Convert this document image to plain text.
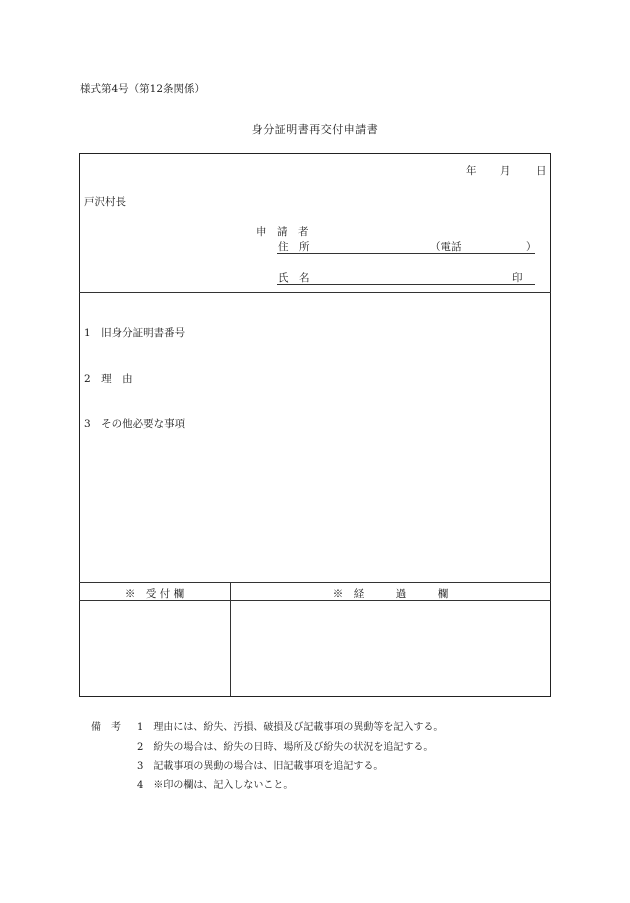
様式第4号（第12条関係）
身分証明書再交付申請書
年 月 日
戸沢村長
申　請　者
住　所	（電話	）
氏　名	印
1　旧身分証明書番号
2　理　由
3　その他必要な事項
※　受 付 欄	※　経　　　過　　　欄
備　考 1　理由には、紛失、汚損、破損及び記載事項の異動等を記入する。
2　紛失の場合は、紛失の日時、場所及び紛失の状況を追記する。
3　記載事項の異動の場合は、旧記載事項を追記する。
4　※印の欄は、記入しないこと。
